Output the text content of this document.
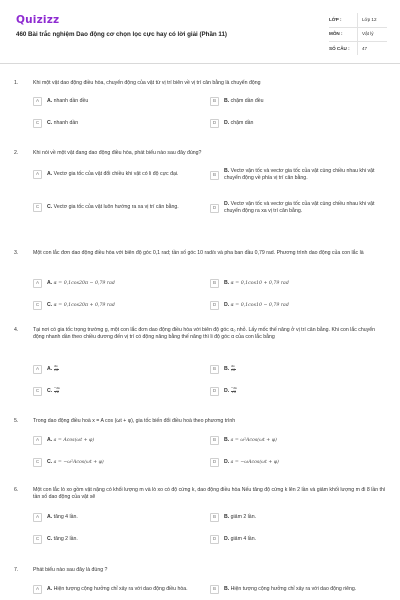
Quizizz
460 Bài trắc nghiệm Dao động cơ chọn lọc cực hay có lời giải (Phần 11)
LỚP :	Lớp 12
MÔN :	Vật lý
SỐ CÂU :	47
1.	Khi một vật dao động điều hòa, chuyển động của vật từ vị trí biên về vị trí cân bằng là chuyển động
A	A. nhanh dần đều	B	B. chậm dần đều
C	C. nhanh dần	D	D. chậm dần
2.	Khi nói về một vật đang dao động điều hòa, phát biểu nào sau đây đúng?
A	A. Vectơ gia tốc của vật đổi chiều khi vật có li độ cực đại.	B
B. Vectơ vận tốc và vectơ gia tốc của vật cùng chiều nhau khi vật chuyển động về phía vị trí cân bằng.
C	C. Vectơ gia tốc của vật luôn hướng ra xa vị trí cân bằng.	D
D. Vectơ vận tốc và vectơ gia tốc của vật cùng chiều nhau khi vật chuyển động ra xa vị trí cân bằng.
3.	Một con lắc đơn dao động điều hòa với biên độ góc 0,1 rad; tần số góc 10 rad/s và pha ban đầu 0,79 rad. Phương trình dao động của con lắc là
A	A. α = 0,1cos20π − 0,79 rad	B	B. α = 0,1cos10 + 0,79 rad
C	C. α = 0,1cos20π + 0,79 rad	D	D. α = 0,1cos10 − 0,79 rad
4.	Tại nơi có gia tốc trọng trường g, một con lắc đơn dao động điều hòa với biên độ góc α₀ nhỏ. Lấy mốc thế năng ở vị trí cân bằng. Khi con lắc chuyển động nhanh dần theo chiều dương đến vị trí có động năng bằng thế năng thì li độ góc α của con lắc bằng
A	A. $\frac{\text{α₀}}{√3}$	B	B. $\frac{\text{α₀}}{√2}$
C	C. $\frac{\text{−α₀}}{√2}$	D	D. $\frac{\text{−α₀}}{√3}$
5.	Trong dao động điều hoà x = A cos (ωt + φ), gia tốc biến đổi điều hoà theo phương trình
A	A. a = Acos(ωt + φ)	B	B. a = ω²Acos(ωt + φ)
C	C. a = −ω²Acos(ωt + φ)	D	D. a = −ωAcos(ωt + φ)
6.	Một con lắc lò xo gồm vật nặng có khối lượng m và lò xo có độ cứng k, dao động điều hòa Nếu tăng độ cứng k lên 2 lần và giảm khối lượng m đi 8 lần thì tần số dao động của vật sẽ
A	A. tăng 4 lần.	B	B. giảm 2 lần.
C	C. tăng 2 lần.	D	D. giảm 4 lần.
7.	Phát biểu nào sau đây là đúng ?
A	A. Hiện tượng cộng hưởng chỉ xảy ra với dao động điều hòa.	B	B. Hiện tượng cộng hưởng chỉ xảy ra với dao động riêng.
